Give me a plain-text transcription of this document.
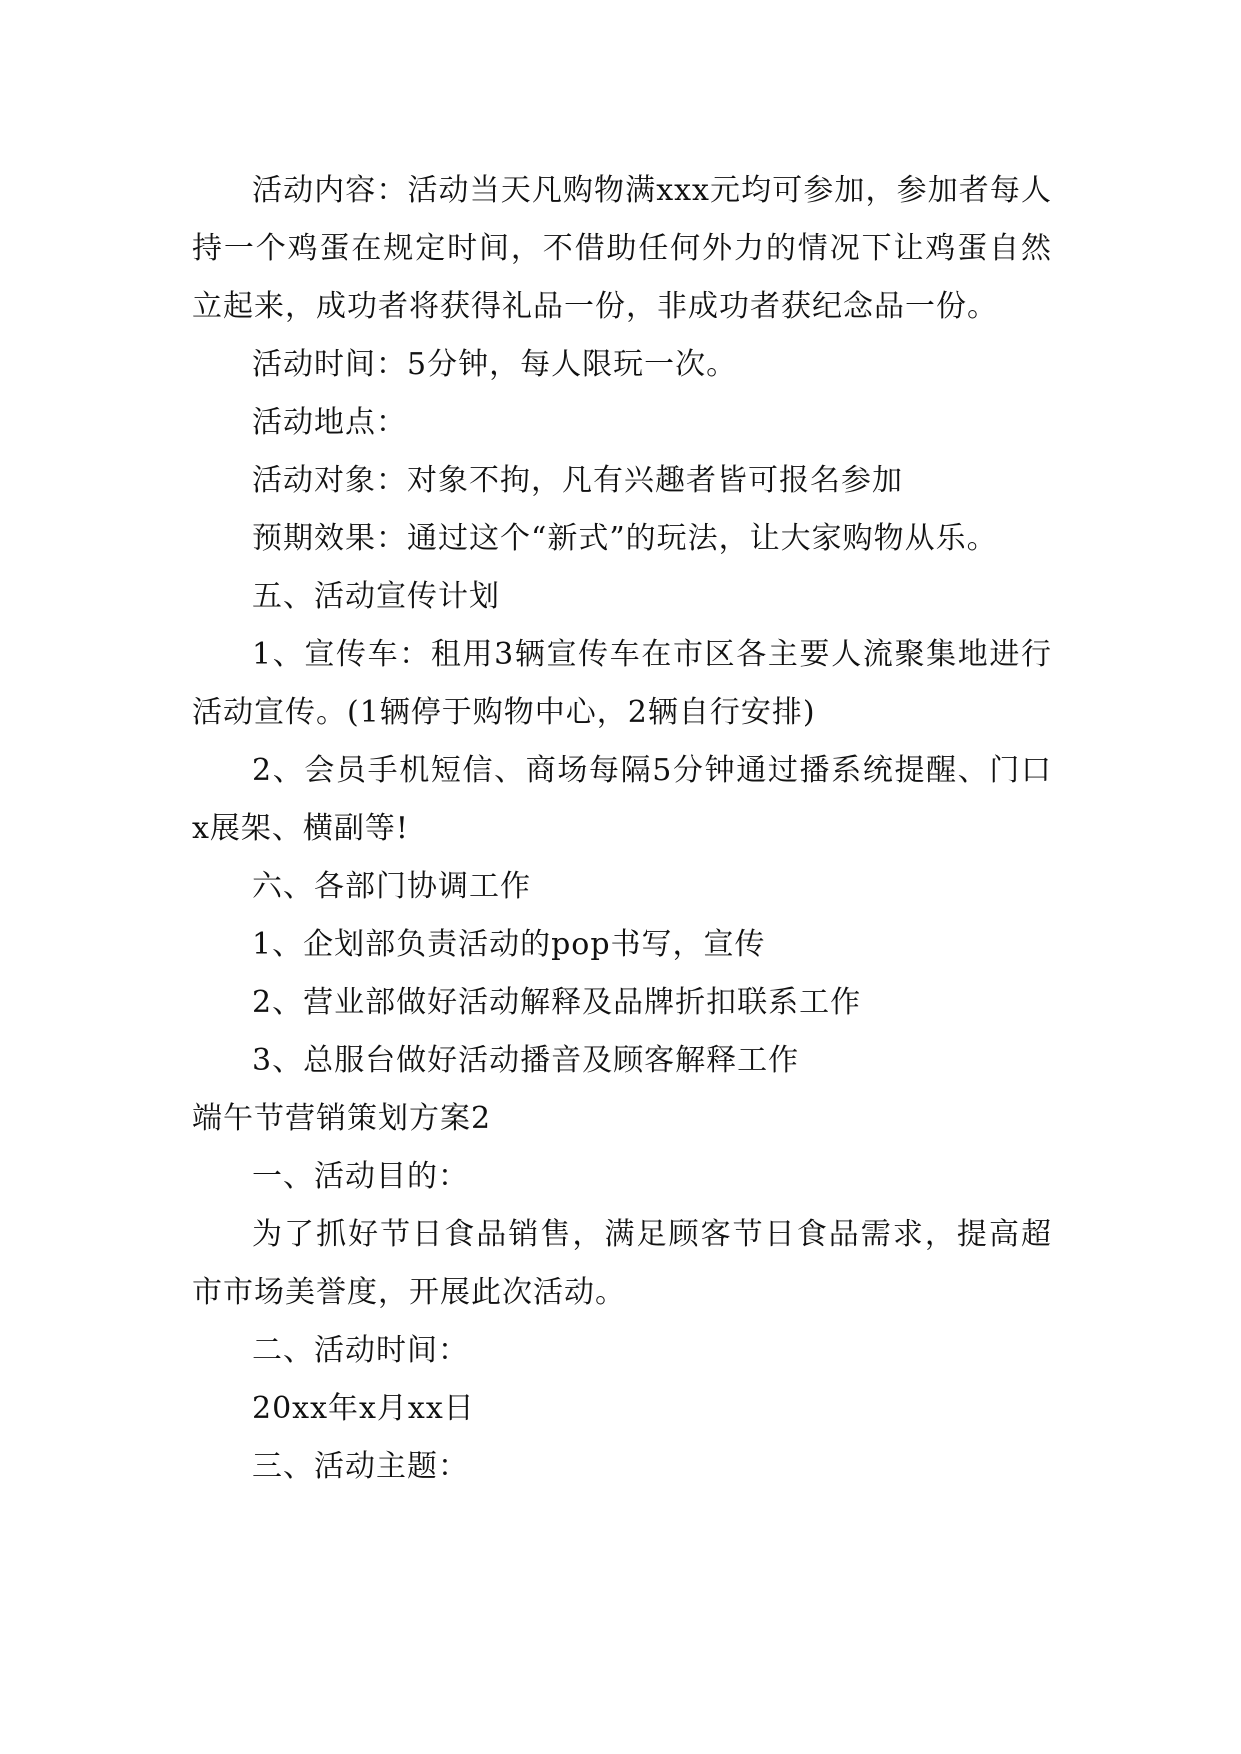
活动内容：活动当天凡购物满xxx元均可参加，参加者每人持一个鸡蛋在规定时间，不借助任何外力的情况下让鸡蛋自然立起来，成功者将获得礼品一份，非成功者获纪念品一份。

活动时间：5分钟，每人限玩一次。

活动地点：

活动对象：对象不拘，凡有兴趣者皆可报名参加

预期效果：通过这个“新式”的玩法，让大家购物从乐。

五、活动宣传计划

1、宣传车：租用3辆宣传车在市区各主要人流聚集地进行活动宣传。(1辆停于购物中心，2辆自行安排)

2、会员手机短信、商场每隔5分钟通过播系统提醒、门口x展架、横副等!

六、各部门协调工作

1、企划部负责活动的pop书写，宣传

2、营业部做好活动解释及品牌折扣联系工作

3、总服台做好活动播音及顾客解释工作

端午节营销策划方案2

一、活动目的：

为了抓好节日食品销售，满足顾客节日食品需求，提高超市市场美誉度，开展此次活动。

二、活动时间：

20xx年x月xx日

三、活动主题：
